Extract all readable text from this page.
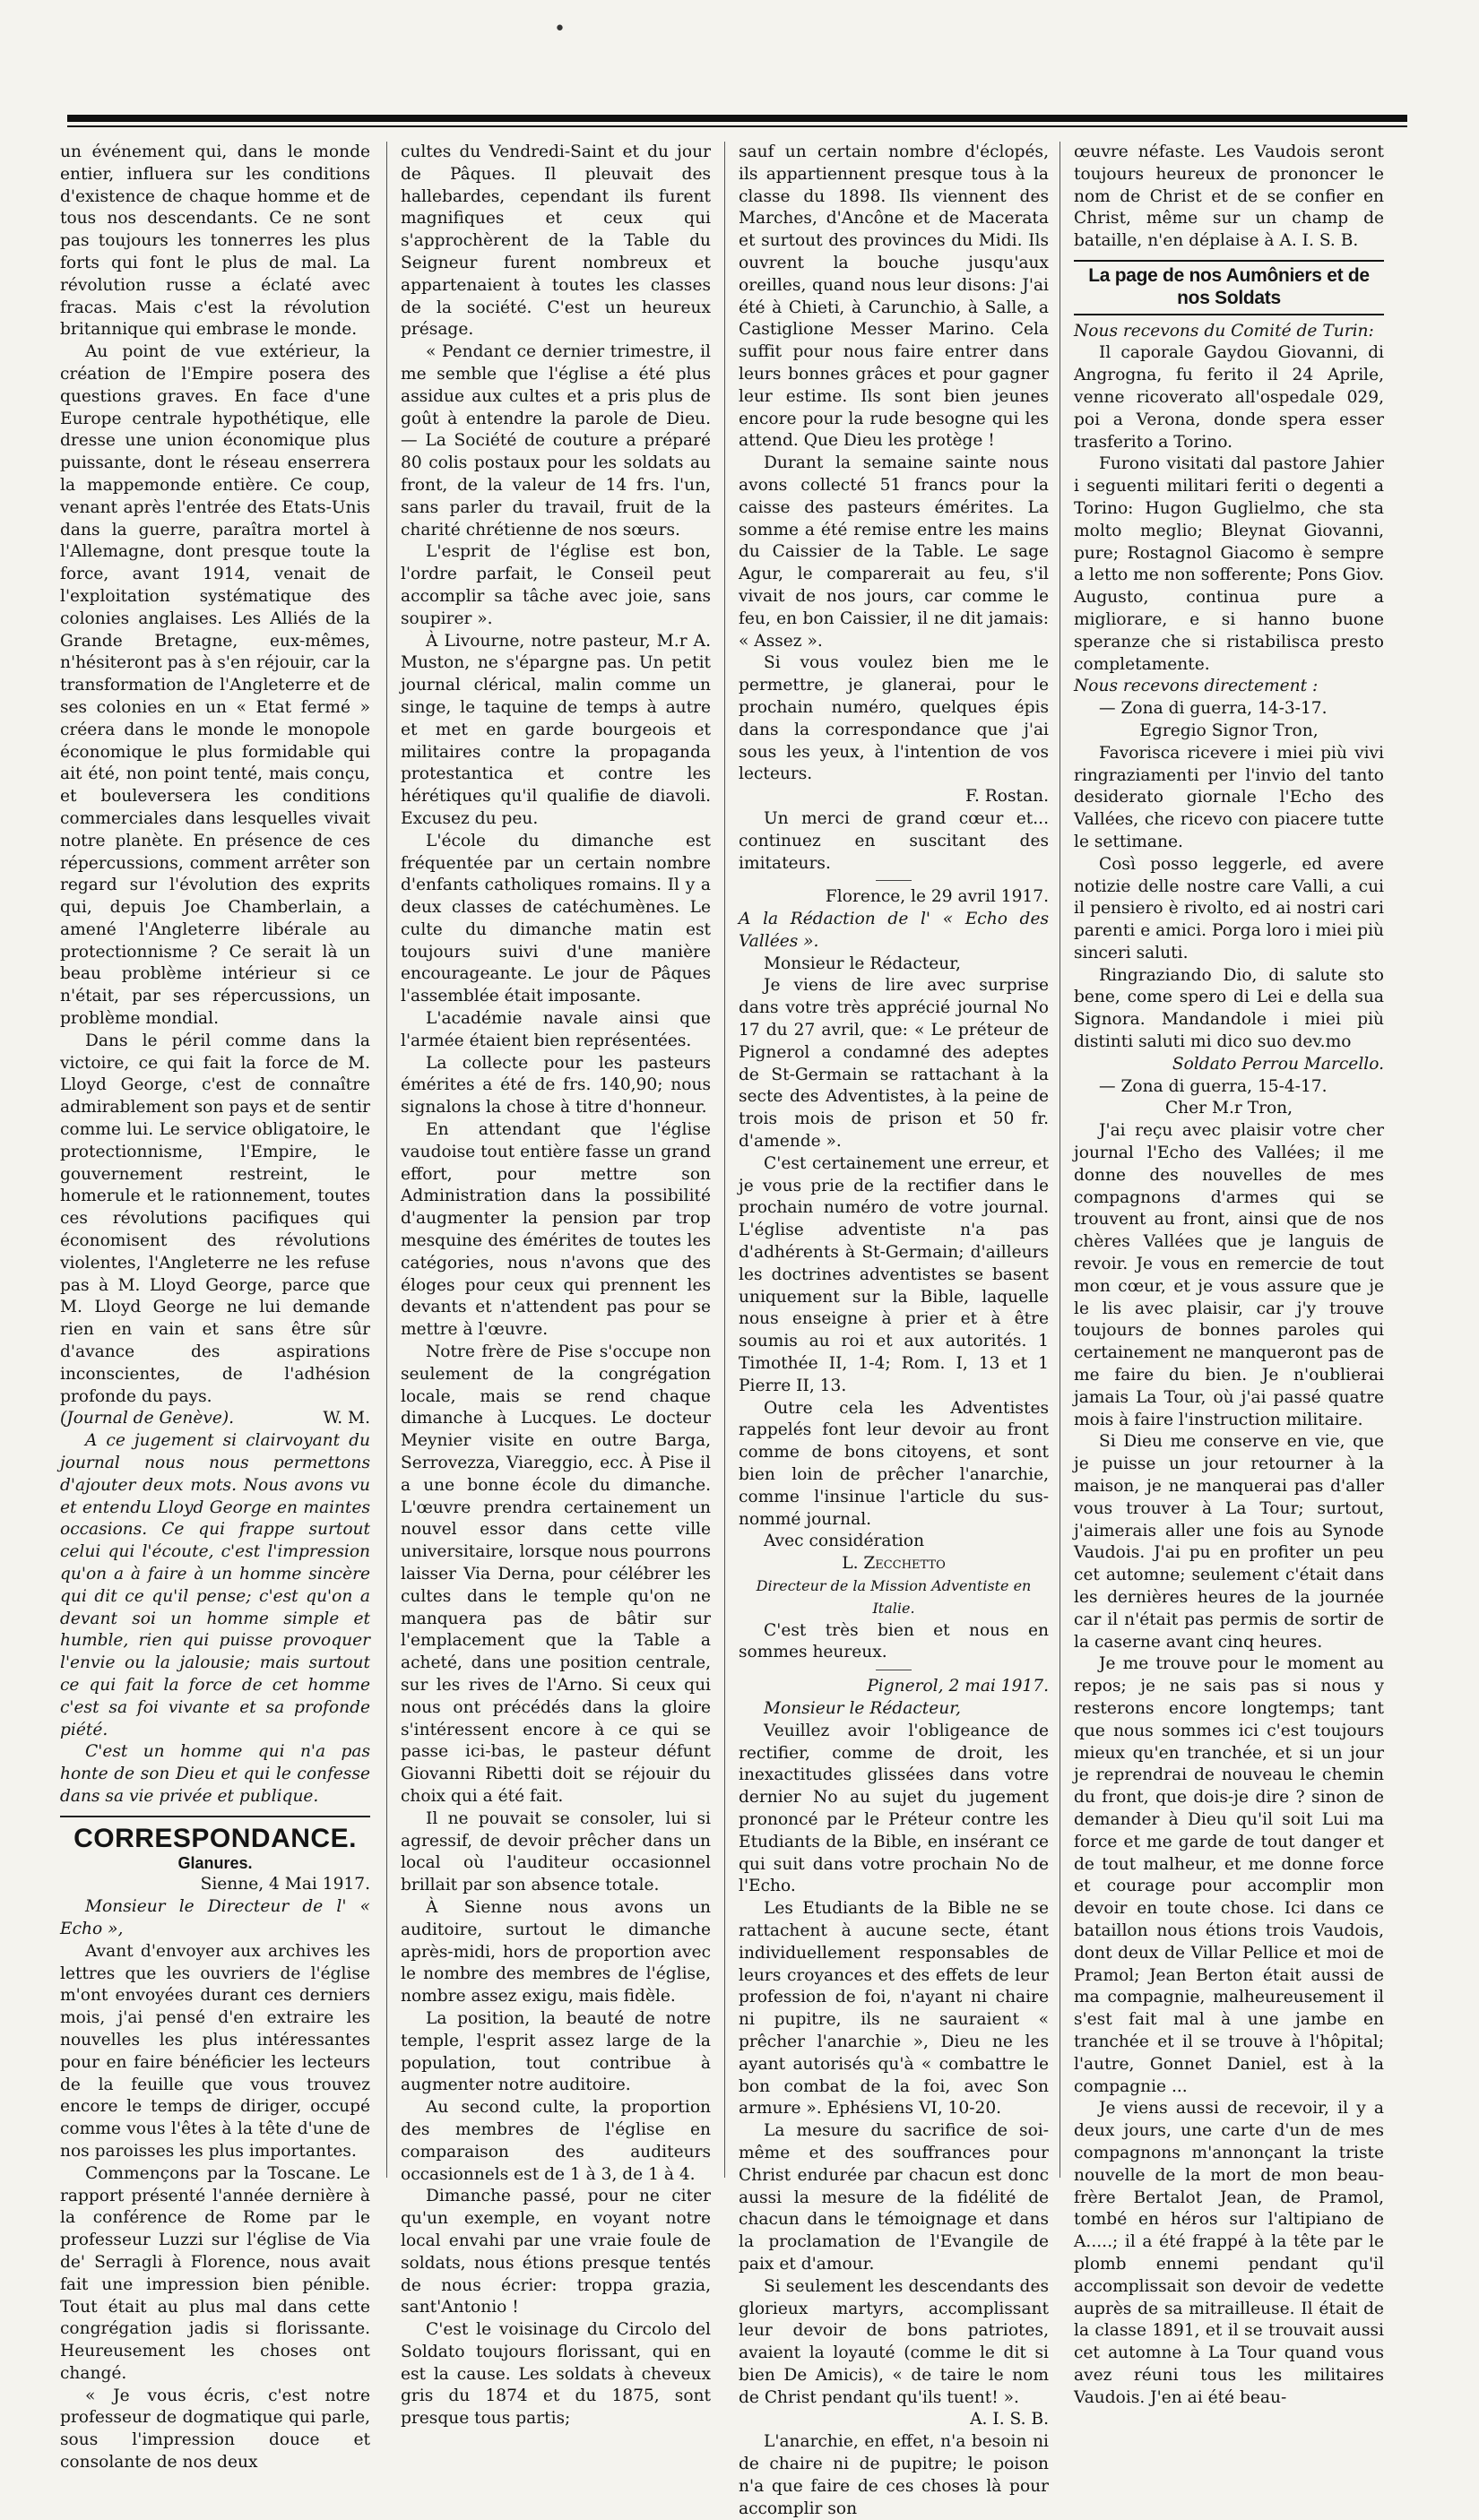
•

un événement qui, dans le monde entier, influera sur les conditions d'existence de chaque homme et de tous nos descendants. Ce ne sont pas toujours les tonnerres les plus forts qui font le plus de mal. La révolution russe a éclaté avec fracas. Mais c'est la révolution britannique qui embrase le monde.

Au point de vue extérieur, la création de l'Empire posera des questions graves. En face d'une Europe centrale hypothétique, elle dresse une union économique plus puissante, dont le réseau enserrera la mappemonde entière. Ce coup, venant après l'entrée des Etats-Unis dans la guerre, paraîtra mortel à l'Allemagne, dont presque toute la force, avant 1914, venait de l'exploitation systématique des colonies anglaises. Les Alliés de la Grande Bretagne, eux-mêmes, n'hésiteront pas à s'en réjouir, car la transformation de l'Angleterre et de ses colonies en un « Etat fermé » créera dans le monde le monopole économique le plus formidable qui ait été, non point tenté, mais conçu, et bouleversera les conditions commerciales dans lesquelles vivait notre planète. En présence de ces répercussions, comment arrêter son regard sur l'évolution des exprits qui, depuis Joe Chamberlain, a amené l'Angleterre libérale au protectionnisme ? Ce serait là un beau problème intérieur si ce n'était, par ses répercussions, un problème mondial.

Dans le péril comme dans la victoire, ce qui fait la force de M. Lloyd George, c'est de connaître admirablement son pays et de sentir comme lui. Le service obligatoire, le protectionnisme, l'Empire, le gouvernement restreint, le homerule et le rationnement, toutes ces révolutions pacifiques qui économisent des révolutions violentes, l'Angleterre ne les refuse pas à M. Lloyd George, parce que M. Lloyd George ne lui demande rien en vain et sans être sûr d'avance des aspirations inconscientes, de l'adhésion profonde du pays.

(Journal de Genève).	W. M.

A ce jugement si clairvoyant du journal nous nous permettons d'ajouter deux mots. Nous avons vu et entendu Lloyd George en maintes occasions. Ce qui frappe surtout celui qui l'écoute, c'est l'impression qu'on a à faire à un homme sincère qui dit ce qu'il pense; c'est qu'on a devant soi un homme simple et humble, rien qui puisse provoquer l'envie ou la jalousie; mais surtout ce qui fait la force de cet homme c'est sa foi vivante et sa profonde piété.

C'est un homme qui n'a pas honte de son Dieu et qui le confesse dans sa vie privée et publique.

CORRESPONDANCE.
Glanures.

Sienne, 4 Mai 1917.

Monsieur le Directeur de l' « Echo »,

Avant d'envoyer aux archives les lettres que les ouvriers de l'église m'ont envoyées durant ces derniers mois, j'ai pensé d'en extraire les nouvelles les plus intéressantes pour en faire bénéficier les lecteurs de la feuille que vous trouvez encore le temps de diriger, occupé comme vous l'êtes à la tête d'une de nos paroisses les plus importantes.

Commençons par la Toscane. Le rapport présenté l'année dernière à la conférence de Rome par le professeur Luzzi sur l'église de Via de' Serragli à Florence, nous avait fait une impression bien pénible. Tout était au plus mal dans cette congrégation jadis si florissante. Heureusement les choses ont changé.

« Je vous écris, c'est notre professeur de dogmatique qui parle, sous l'impression douce et consolante de nos deux

cultes du Vendredi-Saint et du jour de Pâques. Il pleuvait des hallebardes, cependant ils furent magnifiques et ceux qui s'approchèrent de la Table du Seigneur furent nombreux et appartenaient à toutes les classes de la société. C'est un heureux présage.

« Pendant ce dernier trimestre, il me semble que l'église a été plus assidue aux cultes et a pris plus de goût à entendre la parole de Dieu. — La Société de couture a préparé 80 colis postaux pour les soldats au front, de la valeur de 14 frs. l'un, sans parler du travail, fruit de la charité chrétienne de nos sœurs.

L'esprit de l'église est bon, l'ordre parfait, le Conseil peut accomplir sa tâche avec joie, sans soupirer ».

À Livourne, notre pasteur, M.r A. Muston, ne s'épargne pas. Un petit journal clérical, malin comme un singe, le taquine de temps à autre et met en garde bourgeois et militaires contre la propaganda protestantica et contre les hérétiques qu'il qualifie de diavoli. Excusez du peu.

L'école du dimanche est fréquentée par un certain nombre d'enfants catholiques romains. Il y a deux classes de catéchumènes. Le culte du dimanche matin est toujours suivi d'une manière encourageante. Le jour de Pâques l'assemblée était imposante.

L'académie navale ainsi que l'armée étaient bien représentées.

La collecte pour les pasteurs émérites a été de frs. 140,90; nous signalons la chose à titre d'honneur.

En attendant que l'église vaudoise tout entière fasse un grand effort, pour mettre son Administration dans la possibilité d'augmenter la pension par trop mesquine des émérites de toutes les catégories, nous n'avons que des éloges pour ceux qui prennent les devants et n'attendent pas pour se mettre à l'œuvre.

Notre frère de Pise s'occupe non seulement de la congrégation locale, mais se rend chaque dimanche à Lucques. Le docteur Meynier visite en outre Barga, Serrovezza, Viareggio, ecc. À Pise il a une bonne école du dimanche. L'œuvre prendra certainement un nouvel essor dans cette ville universitaire, lorsque nous pourrons laisser Via Derna, pour célébrer les cultes dans le temple qu'on ne manquera pas de bâtir sur l'emplacement que la Table a acheté, dans une position centrale, sur les rives de l'Arno. Si ceux qui nous ont précédés dans la gloire s'intéressent encore à ce qui se passe ici-bas, le pasteur défunt Giovanni Ribetti doit se réjouir du choix qui a été fait.

Il ne pouvait se consoler, lui si agressif, de devoir prêcher dans un local où l'auditeur occasionnel brillait par son absence totale.

À Sienne nous avons un auditoire, surtout le dimanche après-midi, hors de proportion avec le nombre des membres de l'église, nombre assez exigu, mais fidèle.

La position, la beauté de notre temple, l'esprit assez large de la population, tout contribue à augmenter notre auditoire.

Au second culte, la proportion des membres de l'église en comparaison des auditeurs occasionnels est de 1 à 3, de 1 à 4.

Dimanche passé, pour ne citer qu'un exemple, en voyant notre local envahi par une vraie foule de soldats, nous étions presque tentés de nous écrier: troppa grazia, sant'Antonio !

C'est le voisinage du Circolo del Soldato toujours florissant, qui en est la cause. Les soldats à cheveux gris du 1874 et du 1875, sont presque tous partis;

sauf un certain nombre d'éclopés, ils appartiennent presque tous à la classe du 1898. Ils viennent des Marches, d'Ancône et de Macerata et surtout des provinces du Midi. Ils ouvrent la bouche jusqu'aux oreilles, quand nous leur disons: J'ai été à Chieti, à Carunchio, à Salle, a Castiglione Messer Marino. Cela suffit pour nous faire entrer dans leurs bonnes grâces et pour gagner leur estime. Ils sont bien jeunes encore pour la rude besogne qui les attend. Que Dieu les protège !

Durant la semaine sainte nous avons collecté 51 francs pour la caisse des pasteurs émérites. La somme a été remise entre les mains du Caissier de la Table. Le sage Agur, le comparerait au feu, s'il vivait de nos jours, car comme le feu, en bon Caissier, il ne dit jamais: « Assez ».

Si vous voulez bien me le permettre, je glanerai, pour le prochain numéro, quelques épis dans la correspondance que j'ai sous les yeux, à l'intention de vos lecteurs.

F. Rostan.

Un merci de grand cœur et... continuez en suscitant des imitateurs.

Florence, le 29 avril 1917.

A la Rédaction de l' « Echo des Vallées ».

Monsieur le Rédacteur,

Je viens de lire avec surprise dans votre très apprécié journal No 17 du 27 avril, que: « Le préteur de Pignerol a condamné des adeptes de St-Germain se rattachant à la secte des Adventistes, à la peine de trois mois de prison et 50 fr. d'amende ».

C'est certainement une erreur, et je vous prie de la rectifier dans le prochain numéro de votre journal. L'église adventiste n'a pas d'adhérents à St-Germain; d'ailleurs les doctrines adventistes se basent uniquement sur la Bible, laquelle nous enseigne à prier et à être soumis au roi et aux autorités. 1 Timothée II, 1-4; Rom. I, 13 et 1 Pierre II, 13.

Outre cela les Adventistes rappelés font leur devoir au front comme de bons citoyens, et sont bien loin de prêcher l'anarchie, comme l'insinue l'article du sus-nommé journal.

Avec considération

L. Zecchetto

Directeur de la Mission Adventiste en Italie.

C'est très bien et nous en sommes heureux.

Pignerol, 2 mai 1917.

Monsieur le Rédacteur,

Veuillez avoir l'obligeance de rectifier, comme de droit, les inexactitudes glissées dans votre dernier No au sujet du jugement prononcé par le Préteur contre les Etudiants de la Bible, en insérant ce qui suit dans votre prochain No de l'Echo.

Les Etudiants de la Bible ne se rattachent à aucune secte, étant individuellement responsables de leurs croyances et des effets de leur profession de foi, n'ayant ni chaire ni pupitre, ils ne sauraient « prêcher l'anarchie », Dieu ne les ayant autorisés qu'à « combattre le bon combat de la foi, avec Son armure ». Ephésiens VI, 10-20.

La mesure du sacrifice de soi-même et des souffrances pour Christ endurée par chacun est donc aussi la mesure de la fidélité de chacun dans le témoignage et dans la proclamation de l'Evangile de paix et d'amour.

Si seulement les descendants des glorieux martyrs, accomplissant leur devoir de bons patriotes, avaient la loyauté (comme le dit si bien De Amicis), « de taire le nom de Christ pendant qu'ils tuent! ».

A. I. S. B.

L'anarchie, en effet, n'a besoin ni de chaire ni de pupitre; le poison n'a que faire de ces choses là pour accomplir son

œuvre néfaste. Les Vaudois seront toujours heureux de prononcer le nom de Christ et de se confier en Christ, même sur un champ de bataille, n'en déplaise à A. I. S. B.

La page de nos Aumôniers et de nos Soldats

Nous recevons du Comité de Turin:

Il caporale Gaydou Giovanni, di Angrogna, fu ferito il 24 Aprile, venne ricoverato all'ospedale 029, poi a Verona, donde spera esser trasferito a Torino.

Furono visitati dal pastore Jahier i seguenti militari feriti o degenti a Torino: Hugon Guglielmo, che sta molto meglio; Bleynat Giovanni, pure; Rostagnol Giacomo è sempre a letto me non sofferente; Pons Giov. Augusto, continua pure a migliorare, e si hanno buone speranze che si ristabilisca presto completamente.

Nous recevons directement :

— Zona di guerra, 14-3-17.

Egregio Signor Tron,

Favorisca ricevere i miei più vivi ringraziamenti per l'invio del tanto desiderato giornale l'Echo des Vallées, che ricevo con piacere tutte le settimane.

Così posso leggerle, ed avere notizie delle nostre care Valli, a cui il pensiero è rivolto, ed ai nostri cari parenti e amici. Porga loro i miei più sinceri saluti.

Ringraziando Dio, di salute sto bene, come spero di Lei e della sua Signora. Mandandole i miei più distinti saluti mi dico suo dev.mo

Soldato Perrou Marcello.

— Zona di guerra, 15-4-17.

Cher M.r Tron,

J'ai reçu avec plaisir votre cher journal l'Echo des Vallées; il me donne des nouvelles de mes compagnons d'armes qui se trouvent au front, ainsi que de nos chères Vallées que je languis de revoir. Je vous en remercie de tout mon cœur, et je vous assure que je le lis avec plaisir, car j'y trouve toujours de bonnes paroles qui certainement ne manqueront pas de me faire du bien. Je n'oublierai jamais La Tour, où j'ai passé quatre mois à faire l'instruction militaire.

Si Dieu me conserve en vie, que je puisse un jour retourner à la maison, je ne manquerai pas d'aller vous trouver à La Tour; surtout, j'aimerais aller une fois au Synode Vaudois. J'ai pu en profiter un peu cet automne; seulement c'était dans les dernières heures de la journée car il n'était pas permis de sortir de la caserne avant cinq heures.

Je me trouve pour le moment au repos; je ne sais pas si nous y resterons encore longtemps; tant que nous sommes ici c'est toujours mieux qu'en tranchée, et si un jour je reprendrai de nouveau le chemin du front, que dois-je dire ? sinon de demander à Dieu qu'il soit Lui ma force et me garde de tout danger et de tout malheur, et me donne force et courage pour accomplir mon devoir en toute chose. Ici dans ce bataillon nous étions trois Vaudois, dont deux de Villar Pellice et moi de Pramol; Jean Berton était aussi de ma compagnie, malheureusement il s'est fait mal à une jambe en tranchée et il se trouve à l'hôpital; l'autre, Gonnet Daniel, est à la compagnie ...

Je viens aussi de recevoir, il y a deux jours, une carte d'un de mes compagnons m'annonçant la triste nouvelle de la mort de mon beau-frère Bertalot Jean, de Pramol, tombé en héros sur l'altipiano de A.....; il a été frappé à la tête par le plomb ennemi pendant qu'il accomplissait son devoir de vedette auprès de sa mitrailleuse. Il était de la classe 1891, et il se trouvait aussi cet automne à La Tour quand vous avez réuni tous les militaires Vaudois. J'en ai été beau-
